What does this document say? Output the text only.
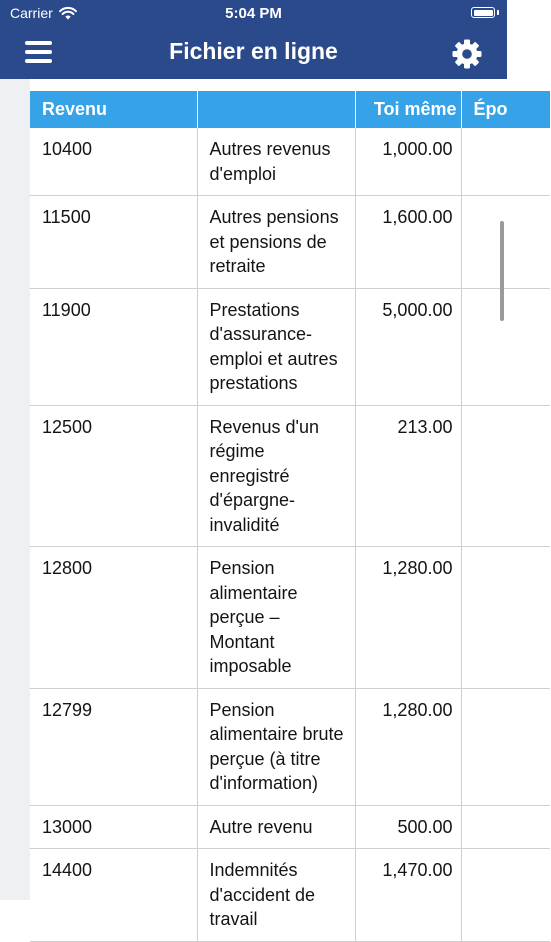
Carrier	5:04 PM
Fichier en ligne
Revenu		Toi même	Épo
10400	Autres revenus d'emploi	1,000.00	
11500	Autres pensions et pensions de retraite	1,600.00	
11900	Prestations d'assurance-emploi et autres prestations	5,000.00	
12500	Revenus d'un régime enregistré d'épargne-invalidité	213.00	
12800	Pension alimentaire perçue – Montant imposable	1,280.00	
12799	Pension alimentaire brute perçue (à titre d'information)	1,280.00	
13000	Autre revenu	500.00	
14400	Indemnités d'accident de travail	1,470.00	
